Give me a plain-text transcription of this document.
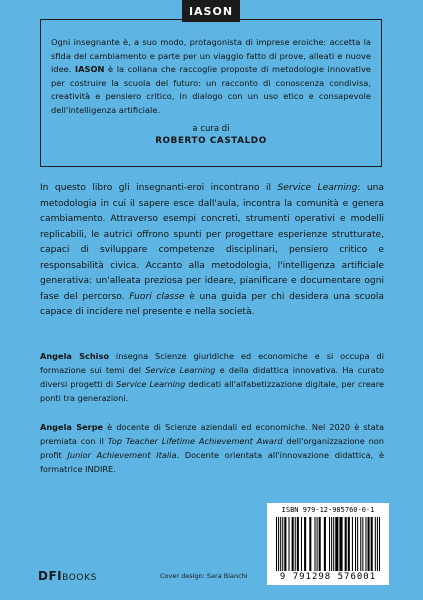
IASON

Ogni insegnante è, a suo modo, protagonista di imprese eroiche: accetta la sfida del cambiamento e parte per un viaggio fatto di prove, alleati e nuove idee. IASON è la collana che raccoglie proposte di metodologie innovative per costruire la scuola del futuro: un racconto di conoscenza condivisa, creatività e pensiero critico, in dialogo con un uso etico e consapevole dell'intelligenza artificiale.

a cura di
ROBERTO CASTALDO

In questo libro gli insegnanti-eroi incontrano il Service Learning: una metodologia in cui il sapere esce dall'aula, incontra la comunità e genera cambiamento. Attraverso esempi concreti, strumenti operativi e modelli replicabili, le autrici offrono spunti per progettare esperienze strutturate, capaci di sviluppare competenze disciplinari, pensiero critico e responsabilità civica. Accanto alla metodologia, l'intelligenza artificiale generativa: un'alleata preziosa per ideare, pianificare e documentare ogni fase del percorso. Fuori classe è una guida per chi desidera una scuola capace di incidere nel presente e nella società.

Angela Schiso insegna Scienze giuridiche ed economiche e si occupa di formazione sui temi del Service Learning e della didattica innovativa. Ha curato diversi progetti di Service Learning dedicati all'alfabetizzazione digitale, per creare ponti tra generazioni.

Angela Serpe è docente di Scienze aziendali ed economiche. Nel 2020 è stata premiata con il Top Teacher Lifetime Achievement Award dell'organizzazione non profit Junior Achievement Italia. Docente orientata all'innovazione didattica, è formatrice INDIRE.

DFIBOOKS	Cover design: Sara Bianchi
ISBN 979-12-985760-0-1
9 791298 576001
